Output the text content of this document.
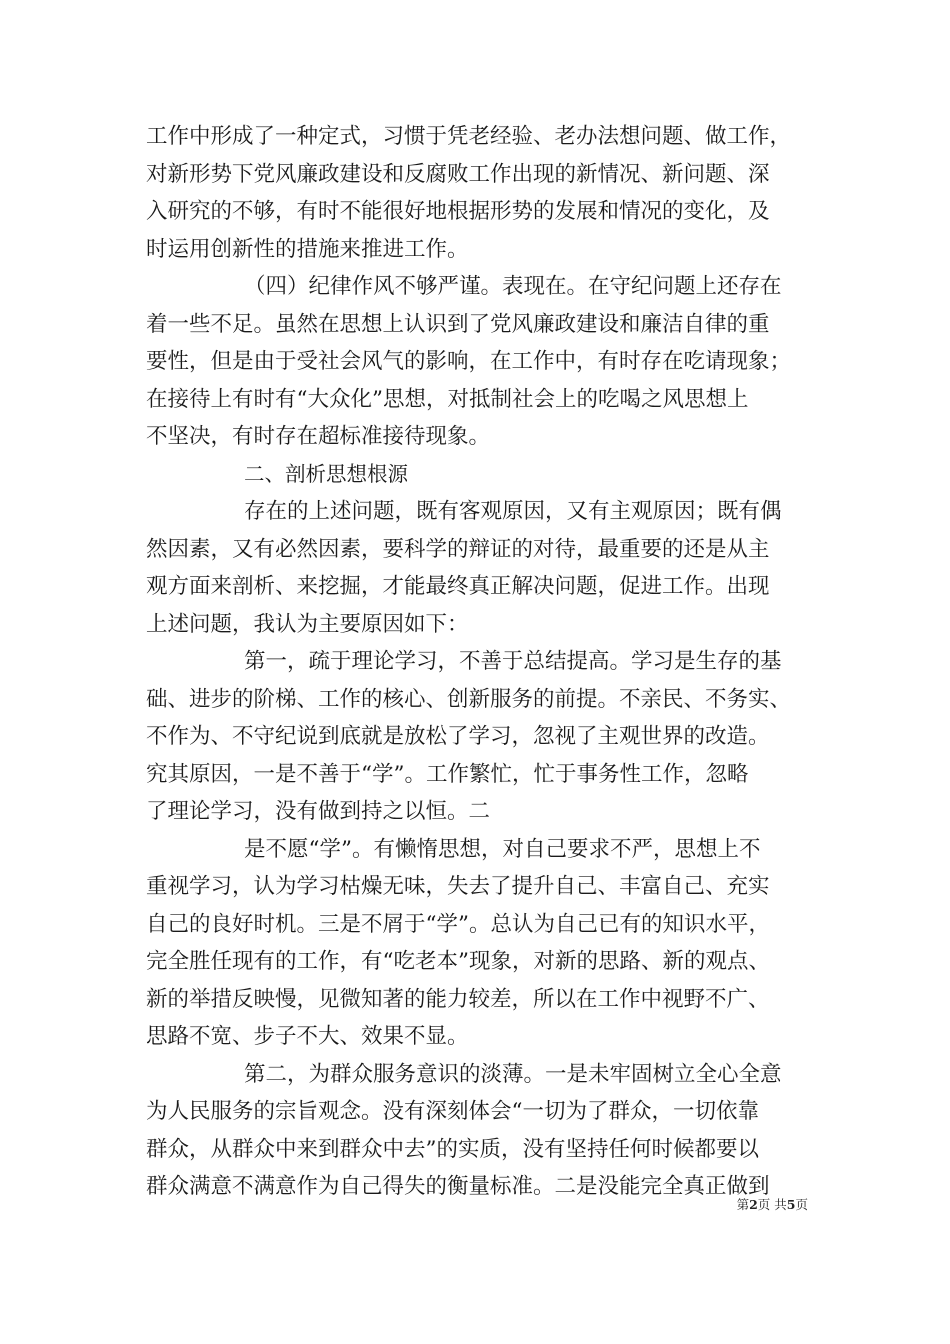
工作中形成了一种定式，习惯于凭老经验、老办法想问题、做工作，
对新形势下党风廉政建设和反腐败工作出现的新情况、新问题、深
入研究的不够，有时不能很好地根据形势的发展和情况的变化，及
时运用创新性的措施来推进工作。
（四）纪律作风不够严谨。表现在。在守纪问题上还存在
着一些不足。虽然在思想上认识到了党风廉政建设和廉洁自律的重
要性，但是由于受社会风气的影响，在工作中，有时存在吃请现象；
在接待上有时有“大众化”思想，对抵制社会上的吃喝之风思想上
不坚决，有时存在超标准接待现象。
二、剖析思想根源
存在的上述问题，既有客观原因，又有主观原因；既有偶
然因素，又有必然因素，要科学的辩证的对待，最重要的还是从主
观方面来剖析、来挖掘，才能最终真正解决问题，促进工作。出现
上述问题，我认为主要原因如下：
第一，疏于理论学习，不善于总结提高。学习是生存的基
础、进步的阶梯、工作的核心、创新服务的前提。不亲民、不务实、
不作为、不守纪说到底就是放松了学习，忽视了主观世界的改造。
究其原因，一是不善于“学”。工作繁忙，忙于事务性工作，忽略
了理论学习，没有做到持之以恒。二
是不愿“学”。有懒惰思想，对自己要求不严，思想上不
重视学习，认为学习枯燥无味，失去了提升自己、丰富自己、充实
自己的良好时机。三是不屑于“学”。总认为自己已有的知识水平，
完全胜任现有的工作，有“吃老本”现象，对新的思路、新的观点、
新的举措反映慢，见微知著的能力较差，所以在工作中视野不广、
思路不宽、步子不大、效果不显。
第二，为群众服务意识的淡薄。一是未牢固树立全心全意
为人民服务的宗旨观念。没有深刻体会“一切为了群众，一切依靠
群众，从群众中来到群众中去”的实质，没有坚持任何时候都要以
群众满意不满意作为自己得失的衡量标准。二是没能完全真正做到
第2页 共5页
